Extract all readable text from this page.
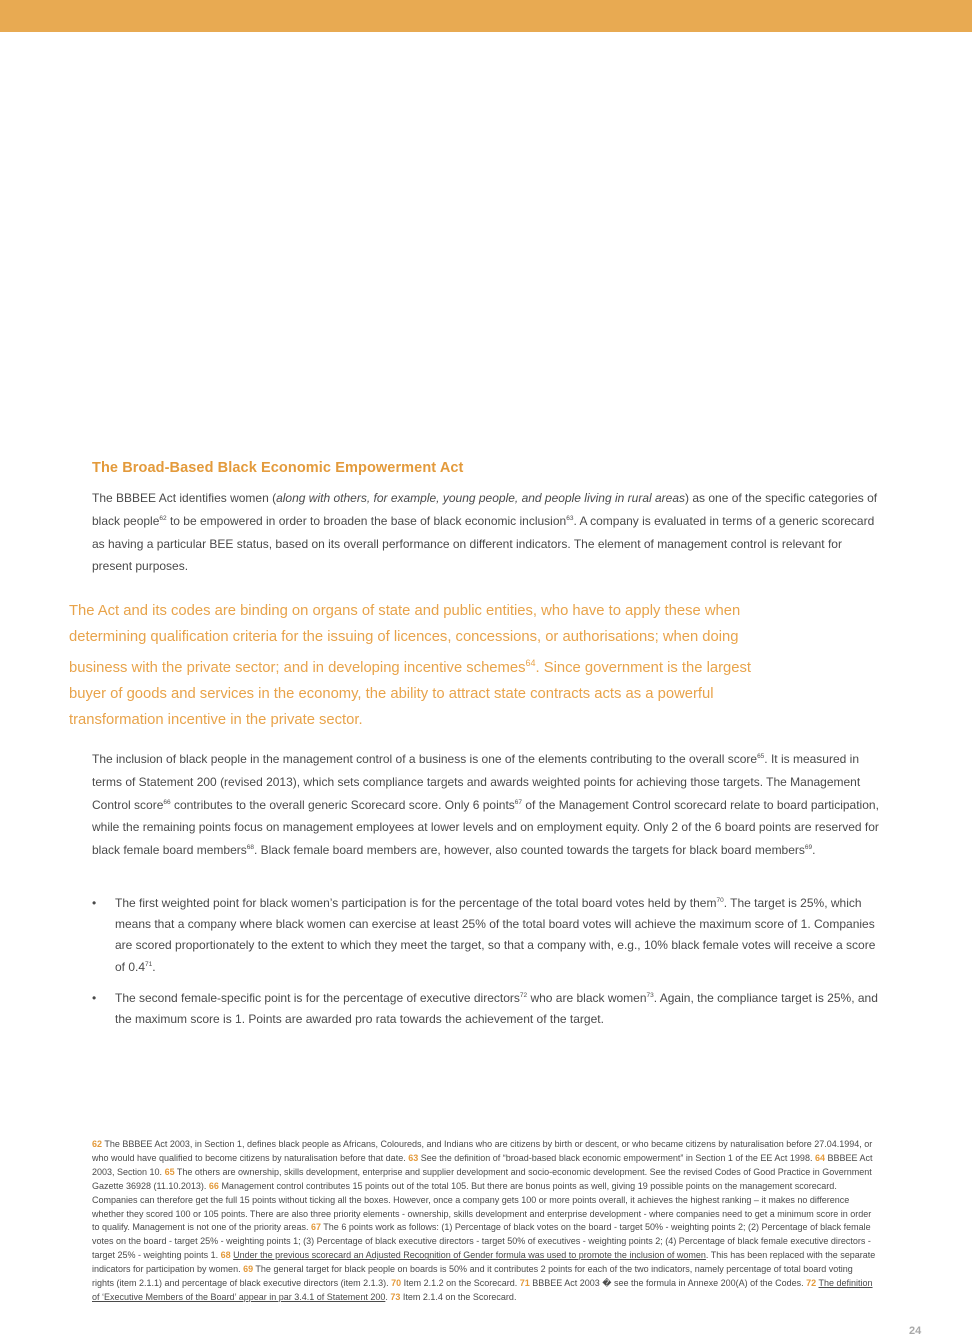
The Broad-Based Black Economic Empowerment Act
The BBBEE Act identifies women (along with others, for example, young people, and people living in rural areas) as one of the specific categories of black people$^{62}$ to be empowered in order to broaden the base of black economic inclusion$^{63}$. A company is evaluated in terms of a generic scorecard as having a particular BEE status, based on its overall performance on different indicators. The element of management control is relevant for present purposes.
The Act and its codes are binding on organs of state and public entities, who have to apply these when determining qualification criteria for the issuing of licences, concessions, or authorisations; when doing business with the private sector; and in developing incentive schemes$^{64}$. Since government is the largest buyer of goods and services in the economy, the ability to attract state contracts acts as a powerful transformation incentive in the private sector.
The inclusion of black people in the management control of a business is one of the elements contributing to the overall score$^{65}$. It is measured in terms of Statement 200 (revised 2013), which sets compliance targets and awards weighted points for achieving those targets. The Management Control score$^{66}$ contributes to the overall generic Scorecard score. Only 6 points$^{67}$ of the Management Control scorecard relate to board participation, while the remaining points focus on management employees at lower levels and on employment equity. Only 2 of the 6 board points are reserved for black female board members$^{68}$. Black female board members are, however, also counted towards the targets for black board members$^{69}$.
• The first weighted point for black women’s participation is for the percentage of the total board votes held by them$^{70}$. The target is 25%, which means that a company where black women can exercise at least 25% of the total board votes will achieve the maximum score of 1. Companies are scored proportionately to the extent to which they meet the target, so that a company with, e.g., 10% black female votes will receive a score of 0.4$^{71}$.
• The second female-specific point is for the percentage of executive directors$^{72}$ who are black women$^{73}$. Again, the compliance target is 25%, and the maximum score is 1. Points are awarded pro rata towards the achievement of the target.
62 The BBBEE Act 2003, in Section 1, defines black people as Africans, Coloureds, and Indians who are citizens by birth or descent, or who became citizens by naturalisation before 27.04.1994, or who would have qualified to become citizens by naturalisation before that date. 63 See the definition of “broad-based black economic empowerment” in Section 1 of the EE Act 1998. 64 BBBEE Act 2003, Section 10. 65 The others are ownership, skills development, enterprise and supplier development and socio-economic development. See the revised Codes of Good Practice in Government Gazette 36928 (11.10.2013). 66 Management control contributes 15 points out of the total 105. But there are bonus points as well, giving 19 possible points on the management scorecard. Companies can therefore get the full 15 points without ticking all the boxes. However, once a company gets 100 or more points overall, it achieves the highest ranking – it makes no difference whether they scored 100 or 105 points. There are also three priority elements - ownership, skills development and enterprise development - where companies need to get a minimum score in order to qualify. Management is not one of the priority areas. 67 The 6 points work as follows: (1) Percentage of black votes on the board - target 50% - weighting points 2; (2) Percentage of black female votes on the board - target 25% - weighting points 1; (3) Percentage of black executive directors - target 50% of executives - weighting points 2; (4) Percentage of black female executive directors - target 25% - weighting points 1. 68 Under the previous scorecard an Adjusted Recognition of Gender formula was used to promote the inclusion of women. This has been replaced with the separate indicators for participation by women. 69 The general target for black people on boards is 50% and it contributes 2 points for each of the two indicators, namely percentage of total board voting rights (item 2.1.1) and percentage of black executive directors (item 2.1.3). 70 Item 2.1.2 on the Scorecard. 71 BBBEE Act 2003 � see the formula in Annexe 200(A) of the Codes. 72 The definition of ‘Executive Members of the Board’ appear in par 3.4.1 of Statement 200. 73 Item 2.1.4 on the Scorecard.
24
